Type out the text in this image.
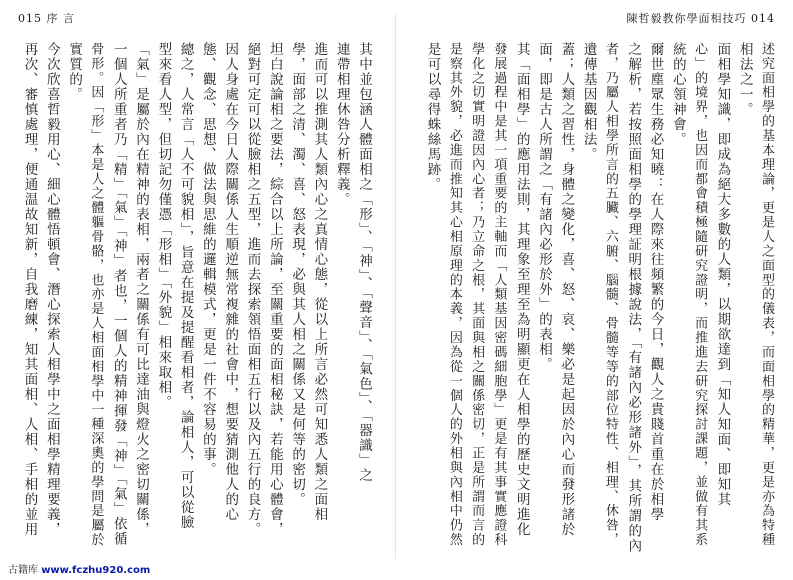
015 序 言
其中並包涵人體面相之「形」、「神」、「聲音」、「氣色」、「器識」之
連帶相理休咎分析釋義。
進而可以推測其人類內心之真情心態，從以上所言必然可知悉人類之面相
學，面部之清、濁、喜、怒表現，必與其人相之關係又是何等的密切。
坦白說論相之要法，綜合以上所論，至關重要的面相秘訣，若能用心體會，
絕對可定可以從臉相之五型，進而去探索領悟面相五行以及內五行的良方。
因人身處在今日人際關係人生順逆無常複雜的社會中，想要猜測他人的心
態、觀念、思想、做法與思維的邏輯模式，更是一件不容易的事。
總之，人常言「人不可貌相」，旨意在提及提醒看相者，論相人，可以從臉
型來看人型，但切記勿僅憑「形相」「外貌」相來取相。
「氣」是屬於內在精神的表相，兩者之關係有可比達油與燈火之密切關係，
一個人所重者乃「精」「氣」「神」者也，一個人的精神揮發「神」「氣」依循
骨形。因「形」本是人之體軀骨骼，也亦是人相面相學中一種深奧的學問是屬於
實質的。
今次欣喜哲毅用心、細心體悟頓會、潛心探索人相學中之面相學精理要義，
再次、審慎處理，便通温故知新，自我磨練，知其面相、人相、手相的並用
陳哲毅教你學面相技巧 014
述究面相學的基本理論，更是人之面型的儀表，而面相學的精華，更是亦為特種
相法之一。
面相學知識，即成為絕大多數的人類，以期欲達到「知人知面、即知其
心」的境界，也因而都會積極隨研究證明，而推進去研究探討課題，並做有其系
統的心領神會。
爾世塵眾生務必知曉：在人際來往頻繁的今日，觀人之貴賤首重在於相學
之解析，若按照面相學的學理証明根據說法，「有諸內必形諸外」，其所謂的內
者，乃屬人相學所言的五臟、六腑、腦髓、骨髓等等的部位特性、相理、休咎，
遺傳基因觀相法。
蓋；人類之習性，身體之變化，喜、怒、哀、樂必是起因於內心而發形諸於
面，即是古人所謂之「有諸內必形於外」的表相。
其「面相學」的應用法則，其理象至理至為明顯更在人相學的歷史文明進化
發展過程中是其一項重要的主軸而「人類基因密碼細胞學」更是有其事實應證科
學化之切實明證因內心者；乃立命之根，其面與相之關係密切，正是所謂而言的
是察其外貌，必進而推知其心相原理的本義，因為從一個人的外相與內相中仍然
是可以尋得蛛絲馬跡。
古籍库 www.fczhu920.com
